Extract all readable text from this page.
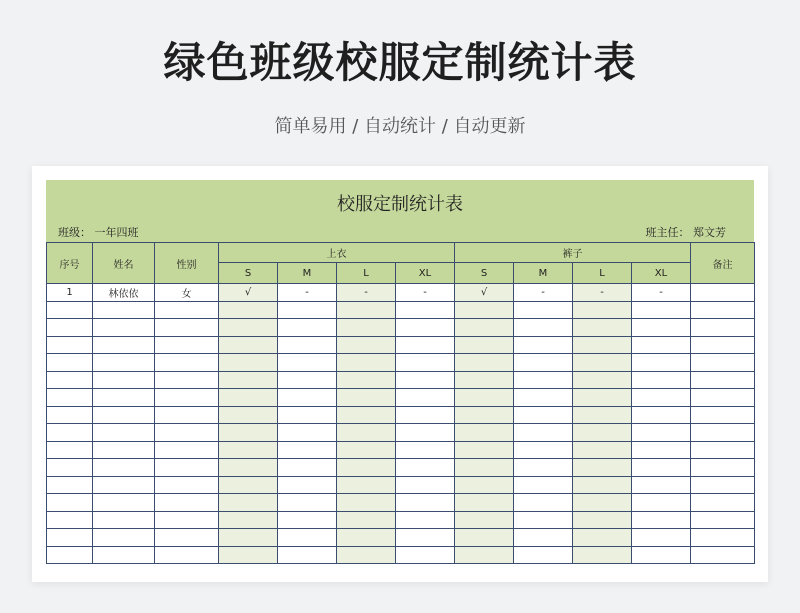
绿色班级校服定制统计表
简单易用 / 自动统计 / 自动更新
校服定制统计表
班级： 一年四班	班主任： 郑文芳
序号	姓名	性别	上衣				裤子				备注
			S	M	L	XL	S	M	L	XL	
1	林依依	女	√	-	-	-	√	-	-	-	
